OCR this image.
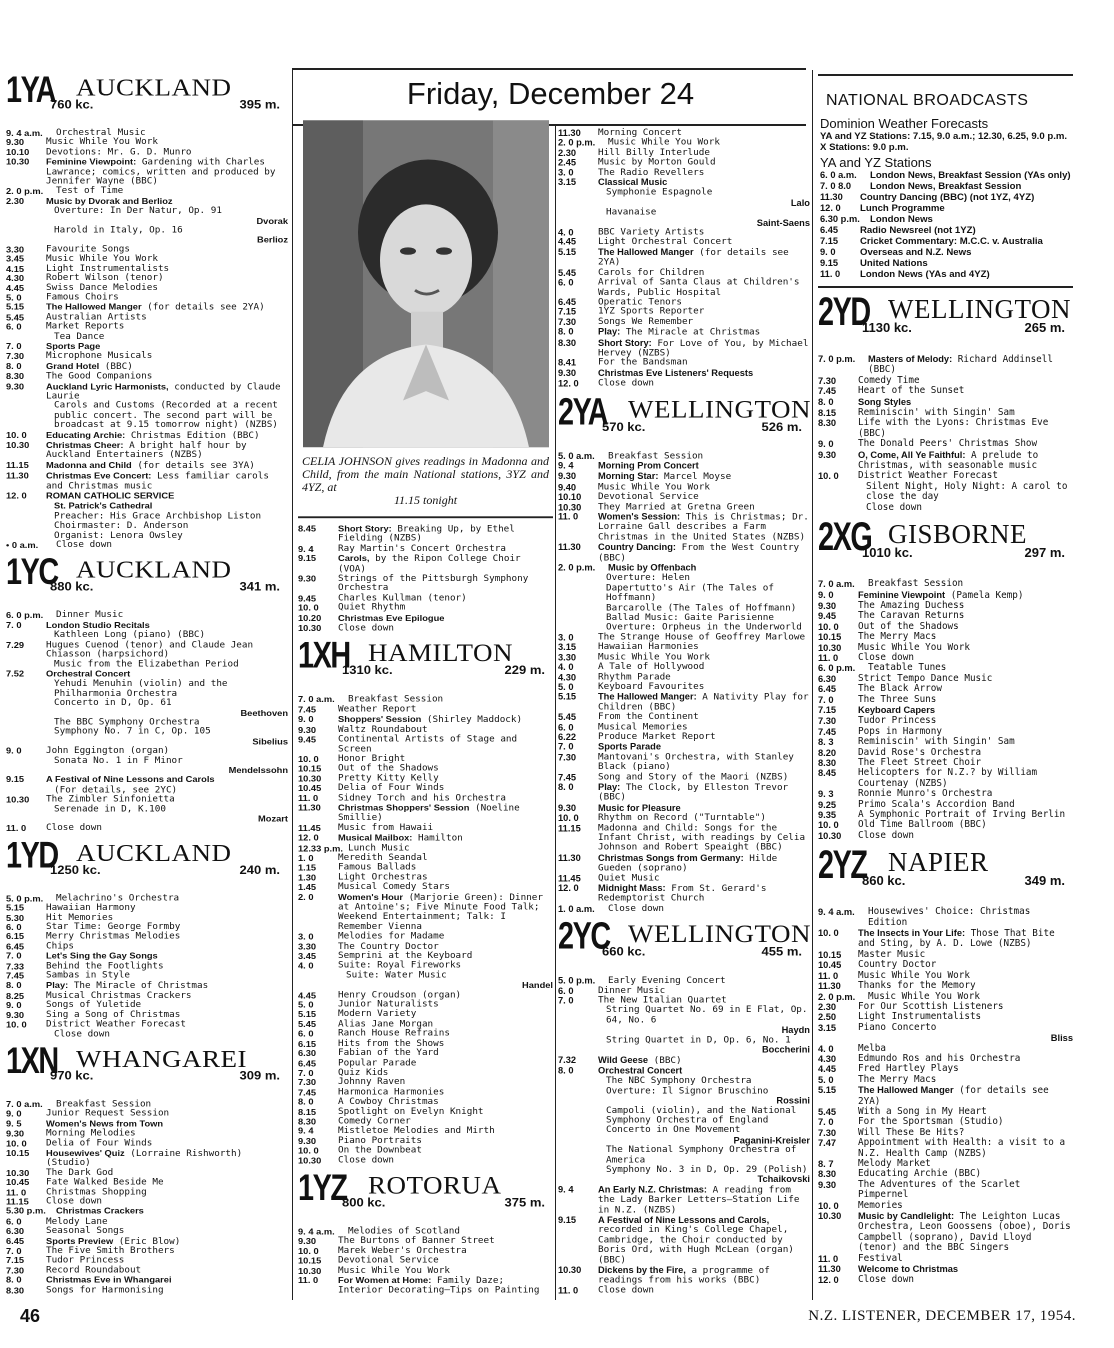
Friday, December 24
1YA
760 kc.
AUCKLAND
395 m.
9. 4 a.m.	Orchestral Music
9.30	Music While You Work
10.10	Devotions: Mr. G. D. Munro
10.30	Feminine Viewpoint: Gardening with Charles Lawrance; comics, written and produced by Jennifer Wayne (BBC)
2. 0 p.m.	Test of Time
2.30	Music by Dvorak and Berlioz
Overture: In Der Natur, Op. 91
Dvorak
Harold in Italy, Op. 16
Berlioz
3.30	Favourite Songs
3.45	Music While You Work
4.15	Light Instrumentalists
4.30	Robert Wilson (tenor)
4.45	Swiss Dance Melodies
5. 0	Famous Choirs
5.15	The Hallowed Manger (for details see 2YA)
5.45	Australian Artists
6. 0	Market Reports
Tea Dance
7. 0	Sports Page
7.30	Microphone Musicals
8. 0	Grand Hotel (BBC)
8.30	The Good Companions
9.30	Auckland Lyric Harmonists, conducted by Claude Laurie
Carols and Customs (Recorded at a recent public concert. The second part will be broadcast at 9.15 tomorrow night) (NZBS)
10. 0	Educating Archie: Christmas Edition (BBC)
10.30	Christmas Cheer: A bright half hour by Auckland Entertainers (NZBS)
11.15	Madonna and Child (for details see 3YA)
11.30	Christmas Eve Concert: Less familiar carols and Christmas music
12. 0	ROMAN CATHOLIC SERVICE
St. Patrick's Cathedral
Preacher: His Grace Archbishop Liston
Choirmaster: D. Anderson
Organist: Lenora Owsley
• 0 a.m.	Close down
1YC
880 kc.
AUCKLAND
341 m.
6. 0 p.m.	Dinner Music
7. 0	London Studio Recitals
Kathleen Long (piano) (BBC)
7.29	Hugues Cuenod (tenor) and Claude Jean Chiasson (harpsichord)
Music from the Elizabethan Period
7.52	Orchestral Concert
Yehudi Menuhin (violin) and the Philharmonia Orchestra
Concerto in D, Op. 61
Beethoven
The BBC Symphony Orchestra
Symphony No. 7 in C, Op. 105
Sibelius
9. 0	John Eggington (organ)
Sonata No. 1 in F Minor
Mendelssohn
9.15	A Festival of Nine Lessons and Carols
(For details, see 2YC)
10.30	The Zimbler Sinfonietta
Serenade in D, K.100
Mozart
11. 0	Close down
1YD
1250 kc.
AUCKLAND
240 m.
5. 0 p.m.	Melachrino's Orchestra
5.15	Hawaiian Harmony
5.30	Hit Memories
6. 0	Star Time: George Formby
6.15	Merry Christmas Melodies
6.45	Chips
7. 0	Let's Sing the Gay Songs
7.33	Behind the Footlights
7.45	Sambas in Style
8. 0	Play: The Miracle of Christmas
8.25	Musical Christmas Crackers
9. 0	Songs of Yuletide
9.30	Sing a Song of Christmas
10. 0	District Weather Forecast
Close down
1XN
970 kc.
WHANGAREI
309 m.
7. 0 a.m.	Breakfast Session
9. 0	Junior Request Session
9. 5	Women's News from Town
9.30	Morning Melodies
10. 0	Delia of Four Winds
10.15	Housewives' Quiz (Lorraine Rishworth) (Studio)
10.30	The Dark God
10.45	Fate Walked Beside Me
11. 0	Christmas Shopping
11.15	Close down
5.30 p.m.	Christmas Crackers
6. 0	Melody Lane
6.30	Seasonal Songs
6.45	Sports Preview (Eric Blow)
7. 0	The Five Smith Brothers
7.15	Tudor Princess
7.30	Record Roundabout
8. 0	Christmas Eve in Whangarei
8.30	Songs for Harmonising
CELIA JOHNSON gives readings in Madonna and Child, from the main National stations, 3YZ and 4YZ, at
11.15 tonight
8.45	Short Story: Breaking Up, by Ethel Fielding (NZBS)
9. 4	Ray Martin's Concert Orchestra
9.15	Carols, by the Ripon College Choir (VOA)
9.30	Strings of the Pittsburgh Symphony Orchestra
9.45	Charles Kullman (tenor)
10. 0	Quiet Rhythm
10.20	Christmas Eve Epilogue
10.30	Close down
1XH
1310 kc.
HAMILTON
229 m.
7. 0 a.m.	Breakfast Session
7.45	Weather Report
9. 0	Shoppers' Session (Shirley Maddock)
9.30	Waltz Roundabout
9.45	Continental Artists of Stage and Screen
10. 0	Honor Bright
10.15	Out of the Shadows
10.30	Pretty Kitty Kelly
10.45	Delia of Four Winds
11. 0	Sidney Torch and his Orchestra
11.30	Christmas Shoppers' Session (Noeline Smillie)
11.45	Music from Hawaii
12. 0	Musical Mailbox: Hamilton
12.33 p.m. Lunch Music
1. 0	Meredith Seandal
1.15	Famous Ballads
1.30	Light Orchestras
1.45	Musical Comedy Stars
2. 0	Women's Hour (Marjorie Green): Dinner at Antoine's; Five Minute Food Talk; Weekend Entertainment; Talk: I Remember Vienna
3. 0	Melodies for Madame
3.30	The Country Doctor
3.45	Semprini at the Keyboard
4. 0	Suite: Royal Fireworks
Suite: Water Music
Handel
4.45	Henry Croudson (organ)
5. 0	Junior Naturalists
5.15	Modern Variety
5.45	Alias Jane Morgan
6. 0	Ranch House Refrains
6.15	Hits from the Shows
6.30	Fabian of the Yard
6.45	Popular Parade
7. 0	Quiz Kids
7.30	Johnny Raven
7.45	Harmonica Harmonies
8. 0	A Cowboy Christmas
8.15	Spotlight on Evelyn Knight
8.30	Comedy Corner
9. 4	Mistletoe Melodies and Mirth
9.30	Piano Portraits
10. 0	On the Downbeat
10.30	Close down
1YZ
800 kc.
ROTORUA
375 m.
9. 4 a.m.	Melodies of Scotland
9.30	The Burtons of Banner Street
10. 0	Marek Weber's Orchestra
10.15	Devotional Service
10.30	Music While You Work
11. 0	For Women at Home: Family Daze; Interior Decorating—Tips on Painting
11.30	Morning Concert
2. 0 p.m.	Music While You Work
2.30	Hill Billy Interlude
2.45	Music by Morton Gould
3. 0	The Radio Revellers
3.15	Classical Music
Symphonie Espagnole
Lalo
Havanaise
Saint-Saens
4. 0	BBC Variety Artists
4.45	Light Orchestral Concert
5.15	The Hallowed Manger (for details see 2YA)
5.45	Carols for Children
6. 0	Arrival of Santa Claus at Children's Wards, Public Hospital
6.45	Operatic Tenors
7.15	1YZ Sports Reporter
7.30	Songs We Remember
8. 0	Play: The Miracle at Christmas
8.30	Short Story: For Love of You, by Michael Hervey (NZBS)
8.41	For the Bandsman
9.30	Christmas Eve Listeners' Requests
12. 0	Close down
2YA
570 kc.
WELLINGTON
526 m.
5. 0 a.m.	Breakfast Session
9. 4	Morning Prom Concert
9.30	Morning Star: Marcel Moyse
9.40	Music While You Work
10.10	Devotional Service
10.30	They Married at Gretna Green
11. 0	Women's Session: This is Christmas; Dr. Lorraine Gall describes a Farm Christmas in the United States (NZBS)
11.30	Country Dancing: From the West Country (BBC)
2. 0 p.m.	Music by Offenbach
Overture: Helen
Dapertutto's Air (The Tales of Hoffmann)
Barcarolle (The Tales of Hoffmann)
Ballad Music: Gaite Parisienne
Overture: Orpheus in the Underworld
3. 0	The Strange House of Geoffrey Marlowe
3.15	Hawaiian Harmonies
3.30	Music While You Work
4. 0	A Tale of Hollywood
4.30	Rhythm Parade
5. 0	Keyboard Favourites
5.15	The Hallowed Manger: A Nativity Play for Children (BBC)
5.45	From the Continent
6. 0	Musical Memories
6.22	Produce Market Report
7. 0	Sports Parade
7.30	Mantovani's Orchestra, with Stanley Black (piano)
7.45	Song and Story of the Maori (NZBS)
8. 0	Play: The Clock, by Elleston Trevor (BBC)
9.30	Music for Pleasure
10. 0	Rhythm on Record ("Turntable")
11.15	Madonna and Child: Songs for the Infant Christ, with readings by Celia Johnson and Robert Speaight (BBC)
11.30	Christmas Songs from Germany: Hilde Gueden (soprano)
11.45	Quiet Music
12. 0	Midnight Mass: From St. Gerard's Redemptorist Church
1. 0 a.m.	Close down
2YC
660 kc.
WELLINGTON
455 m.
5. 0 p.m.	Early Evening Concert
6. 0	Dinner Music
7. 0	The New Italian Quartet
String Quartet No. 69 in E Flat, Op. 64, No. 6
Haydn
String Quartet in D, Op. 6, No. 1
Boccherini
7.32	Wild Geese (BBC)
8. 0	Orchestral Concert
The NBC Symphony Orchestra
Overture: Il Signor Bruschino
Rossini
Campoli (violin), and the National Symphony Orchestra of England
Concerto in One Movement
Paganini-Kreisler
The National Symphony Orchestra of America
Symphony No. 3 in D, Op. 29 (Polish)
Tchaikovski
9. 4	An Early N.Z. Christmas: A reading from the Lady Barker Letters—Station Life in N.Z. (NZBS)
9.15	A Festival of Nine Lessons and Carols, recorded in King's College Chapel, Cambridge, the Choir conducted by Boris Ord, with Hugh McLean (organ) (BBC)
10.30	Dickens by the Fire, a programme of readings from his works (BBC)
11. 0	Close down
NATIONAL BROADCASTS
Dominion Weather Forecasts
YA and YZ Stations: 7.15, 9.0 a.m.; 12.30, 6.25, 9.0 p.m.
X Stations: 9.0 p.m.
YA and YZ Stations
6. 0 a.m.	London News, Breakfast Session (YAs only)
7. 0 8.0	London News, Breakfast Session
11.30	Country Dancing (BBC) (not 1YZ, 4YZ)
12. 0	Lunch Programme
6.30 p.m.	London News
6.45	Radio Newsreel (not 1YZ)
7.15	Cricket Commentary: M.C.C. v. Australia
9. 0	Overseas and N.Z. News
9.15	United Nations
11. 0	London News (YAs and 4YZ)
2YD
1130 kc.
WELLINGTON
265 m.
7. 0 p.m.	Masters of Melody: Richard Addinsell (BBC)
7.30	Comedy Time
7.45	Heart of the Sunset
8. 0	Song Styles
8.15	Reminiscin' with Singin' Sam
8.30	Life with the Lyons: Christmas Eve (BBC)
9. 0	The Donald Peers' Christmas Show
9.30	O, Come, All Ye Faithful: A prelude to Christmas, with seasonable music
10. 0	District Weather Forecast
Silent Night, Holy Night: A carol to close the day
Close down
2XG
1010 kc.
GISBORNE
297 m.
7. 0 a.m.	Breakfast Session
9. 0	Feminine Viewpoint (Pamela Kemp)
9.30	The Amazing Duchess
9.45	The Caravan Returns
10. 0	Out of the Shadows
10.15	The Merry Macs
10.30	Music While You Work
11. 0	Close down
6. 0 p.m.	Teatable Tunes
6.30	Strict Tempo Dance Music
6.45	The Black Arrow
7. 0	The Three Suns
7.15	Keyboard Capers
7.30	Tudor Princess
7.45	Pops in Harmony
8. 3	Reminiscin' with Singin' Sam
8.20	David Rose's Orchestra
8.30	The Fleet Street Choir
8.45	Helicopters for N.Z.? by William Courtenay (NZBS)
9. 3	Ronnie Munro's Orchestra
9.25	Primo Scala's Accordion Band
9.35	A Symphonic Portrait of Irving Berlin
10. 0	Old Time Ballroom (BBC)
10.30	Close down
2YZ
860 kc.
NAPIER
349 m.
9. 4 a.m.	Housewives' Choice: Christmas Edition
10. 0	The Insects in Your Life: Those That Bite and Sting, by A. D. Lowe (NZBS)
10.15	Master Music
10.45	Country Doctor
11. 0	Music While You Work
11.30	Thanks for the Memory
2. 0 p.m.	Music While You Work
2.30	For Our Scottish Listeners
2.50	Light Instrumentalists
3.15	Piano Concerto
Bliss
4. 0	Melba
4.30	Edmundo Ros and his Orchestra
4.45	Fred Hartley Plays
5. 0	The Merry Macs
5.15	The Hallowed Manger (for details see 2YA)
5.45	With a Song in My Heart
7. 0	For the Sportsman (Studio)
7.30	Will These Be Hits?
7.47	Appointment with Health: a visit to a N.Z. Health Camp (NZBS)
8. 7	Melody Market
8.30	Educating Archie (BBC)
9.30	The Adventures of the Scarlet Pimpernel
10. 0	Memories
10.30	Music by Candlelight: The Leighton Lucas Orchestra, Leon Goossens (oboe), Doris Campbell (soprano), David Lloyd (tenor) and the BBC Singers
11. 0	Festival
11.30	Welcome to Christmas
12. 0	Close down
46	N.Z. LISTENER, DECEMBER 17, 1954.
